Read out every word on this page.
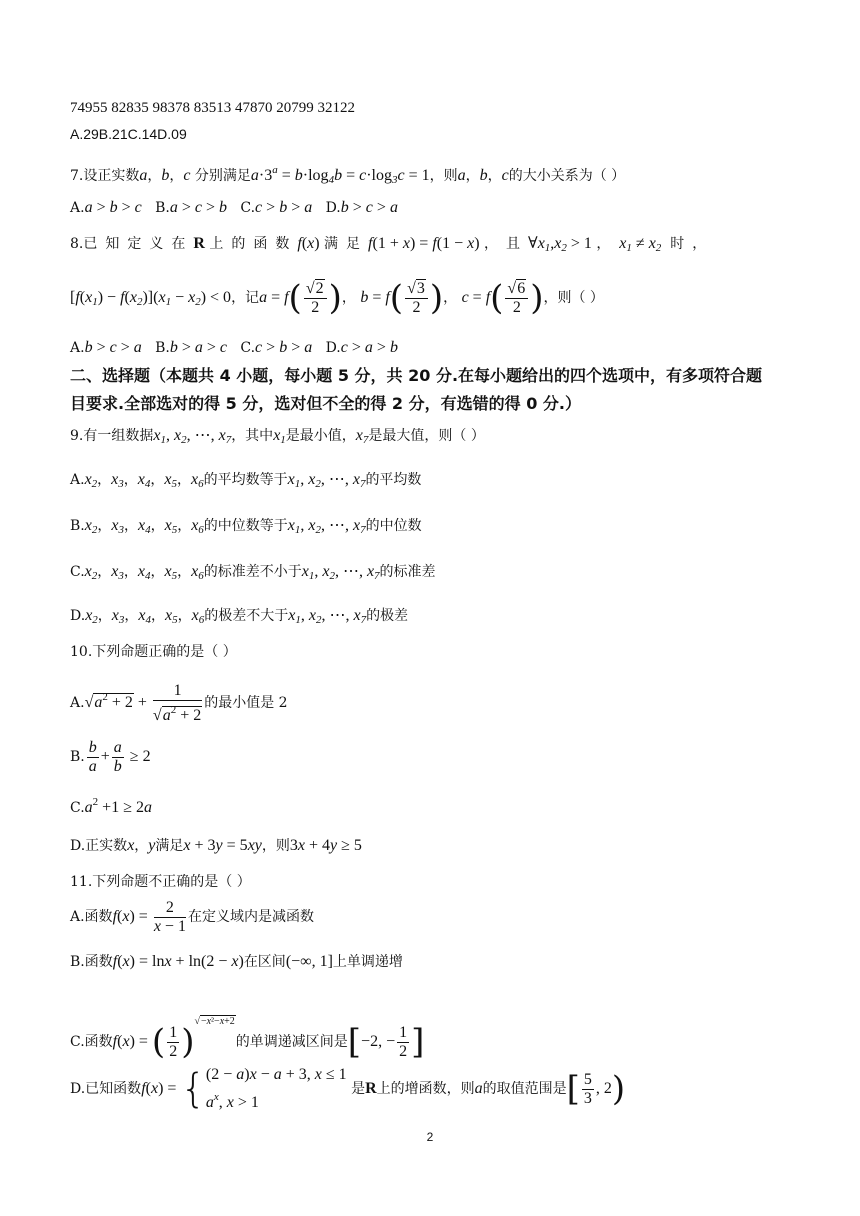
74955 82835 98378 83513 47870 20799 32122
A.29B.21C.14D.09
7.设正实数a，b，c 分别满足$a\cdot 3^a = b\cdot\log_4b = c\cdot\log_3c = 1$，则a，b，c的大小关系为（ ）
A.a > b > c B.a > c > b C.c > b > a D.b > c > a
8.已知定义在R 上的函数f(x) 满足f(1 + x) = f(1 − x) ，且$\forall x_1,x_2 > 1$ ，  $x_1 \ne x_2$ 时，
$[f(x_1) - f(x_2)](x_1 - x_2) < 0$，记$a = f( \frac{√2}{2}$ )， $b = f( \frac{√3}{2}$ )， $c = f( \frac{√6}{2}$ )，则（ ）
A.b > c > a B.b > a > c C.c > b > a D.c > a > b
二、选择题（本题共 4 小题，每小题 5 分，共 20 分.在每小题给出的四个选项中，有多项符合题
目要求.全部选对的得 5 分，选对但不全的得 2 分，有选错的得 0 分.）
9.有一组数据$x_1$, $x_2$, ⋯, $x_7$，其中$x_1$是最小值，$x_7$是最大值，则（ ）
$A.x_2$，$x_3$，$x_4$，$x_5$，$x_6$的平均数等于$x_1$, $x_2$, ⋯, $x_7$的平均数
$B.x_2$，$x_3$，$x_4$，$x_5$，$x_6$的中位数等于$x_1$, $x_2$, ⋯, $x_7$的中位数
$C.x_2$，$x_3$，$x_4$，$x_5$，$x_6$的标准差不小于$x_1$, $x_2$, ⋯, $x_7$的标准差
$D.x_2$，$x_3$，$x_4$，$x_5$，$x_6$的极差不大于$x_1$, $x_2$, ⋯, $x_7$的极差
10.下列命题正确的是（ ）
$A.√a^2 + 2 + \frac{1}{√a^2 + 2}$ 的最小值是 2
B. $\frac{b}{a} + \frac{a}{b} \ge 2$
$C.a^2 +1 \ge 2a$
D.正实数x，y满足x + 3y = 5xy，则3x + 4y ≥ 5
11.下列命题不正确的是（ ）
A.函数$f(x) = \frac{2}{x - 1}$ 在定义域内是减函数
B.函数f(x) = lnx + ln(2 − x)在区间(−∞, 1]上单调递增
C.函数f(x) = ( $\frac{1}{2} )^{√-x^2-x+2}$的单调递减区间是[−2, − $\frac{1}{2}$ ]
D.已知函数f(x) = { (2 − a)x − a + 3, x ≤ 1
$a^x$, x > 1
是R上的增函数，则a的取值范围是[ $\frac{5}{3}$ , 2)
2
